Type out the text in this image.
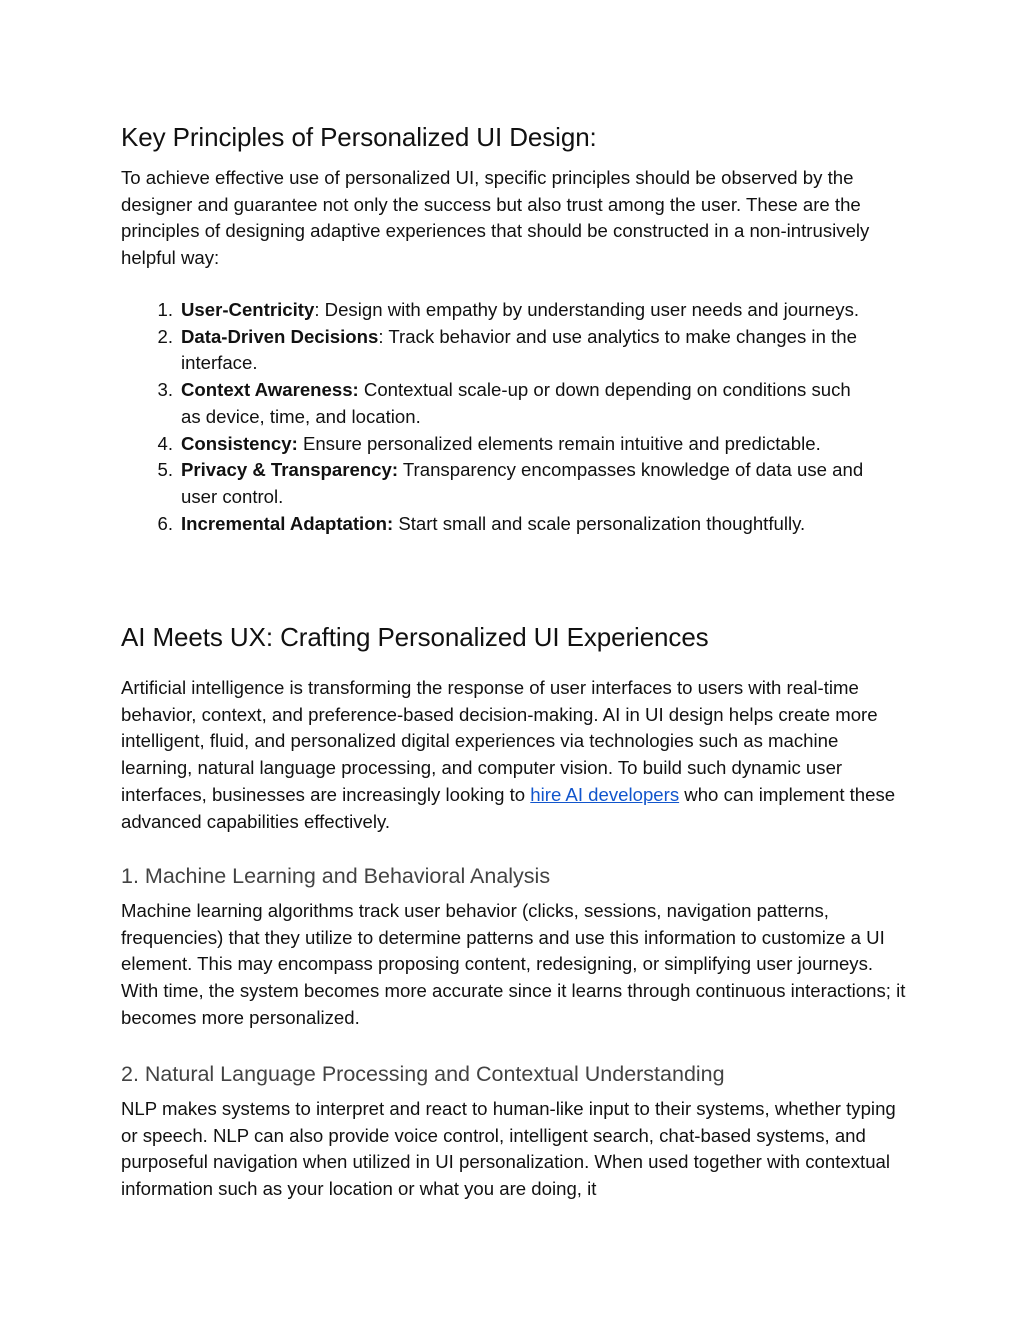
Key Principles of Personalized UI Design:

To achieve effective use of personalized UI, specific principles should be observed by the designer and guarantee not only the success but also trust among the user. These are the principles of designing adaptive experiences that should be constructed in a non-intrusively helpful way:

1. User-Centricity: Design with empathy by understanding user needs and journeys.
2. Data-Driven Decisions: Track behavior and use analytics to make changes in the interface.
3. Context Awareness: Contextual scale-up or down depending on conditions such as device, time, and location.
4. Consistency: Ensure personalized elements remain intuitive and predictable.
5. Privacy & Transparency: Transparency encompasses knowledge of data use and user control.
6. Incremental Adaptation: Start small and scale personalization thoughtfully.
AI Meets UX: Crafting Personalized UI Experiences

Artificial intelligence is transforming the response of user interfaces to users with real-time behavior, context, and preference-based decision-making. AI in UI design helps create more intelligent, fluid, and personalized digital experiences via technologies such as machine learning, natural language processing, and computer vision. To build such dynamic user interfaces, businesses are increasingly looking to hire AI developers who can implement these advanced capabilities effectively.

1. Machine Learning and Behavioral Analysis

Machine learning algorithms track user behavior (clicks, sessions, navigation patterns, frequencies) that they utilize to determine patterns and use this information to customize a UI element. This may encompass proposing content, redesigning, or simplifying user journeys. With time, the system becomes more accurate since it learns through continuous interactions; it becomes more personalized.

2. Natural Language Processing and Contextual Understanding

NLP makes systems to interpret and react to human-like input to their systems, whether typing or speech. NLP can also provide voice control, intelligent search, chat-based systems, and purposeful navigation when utilized in UI personalization. When used together with contextual information such as your location or what you are doing, it
